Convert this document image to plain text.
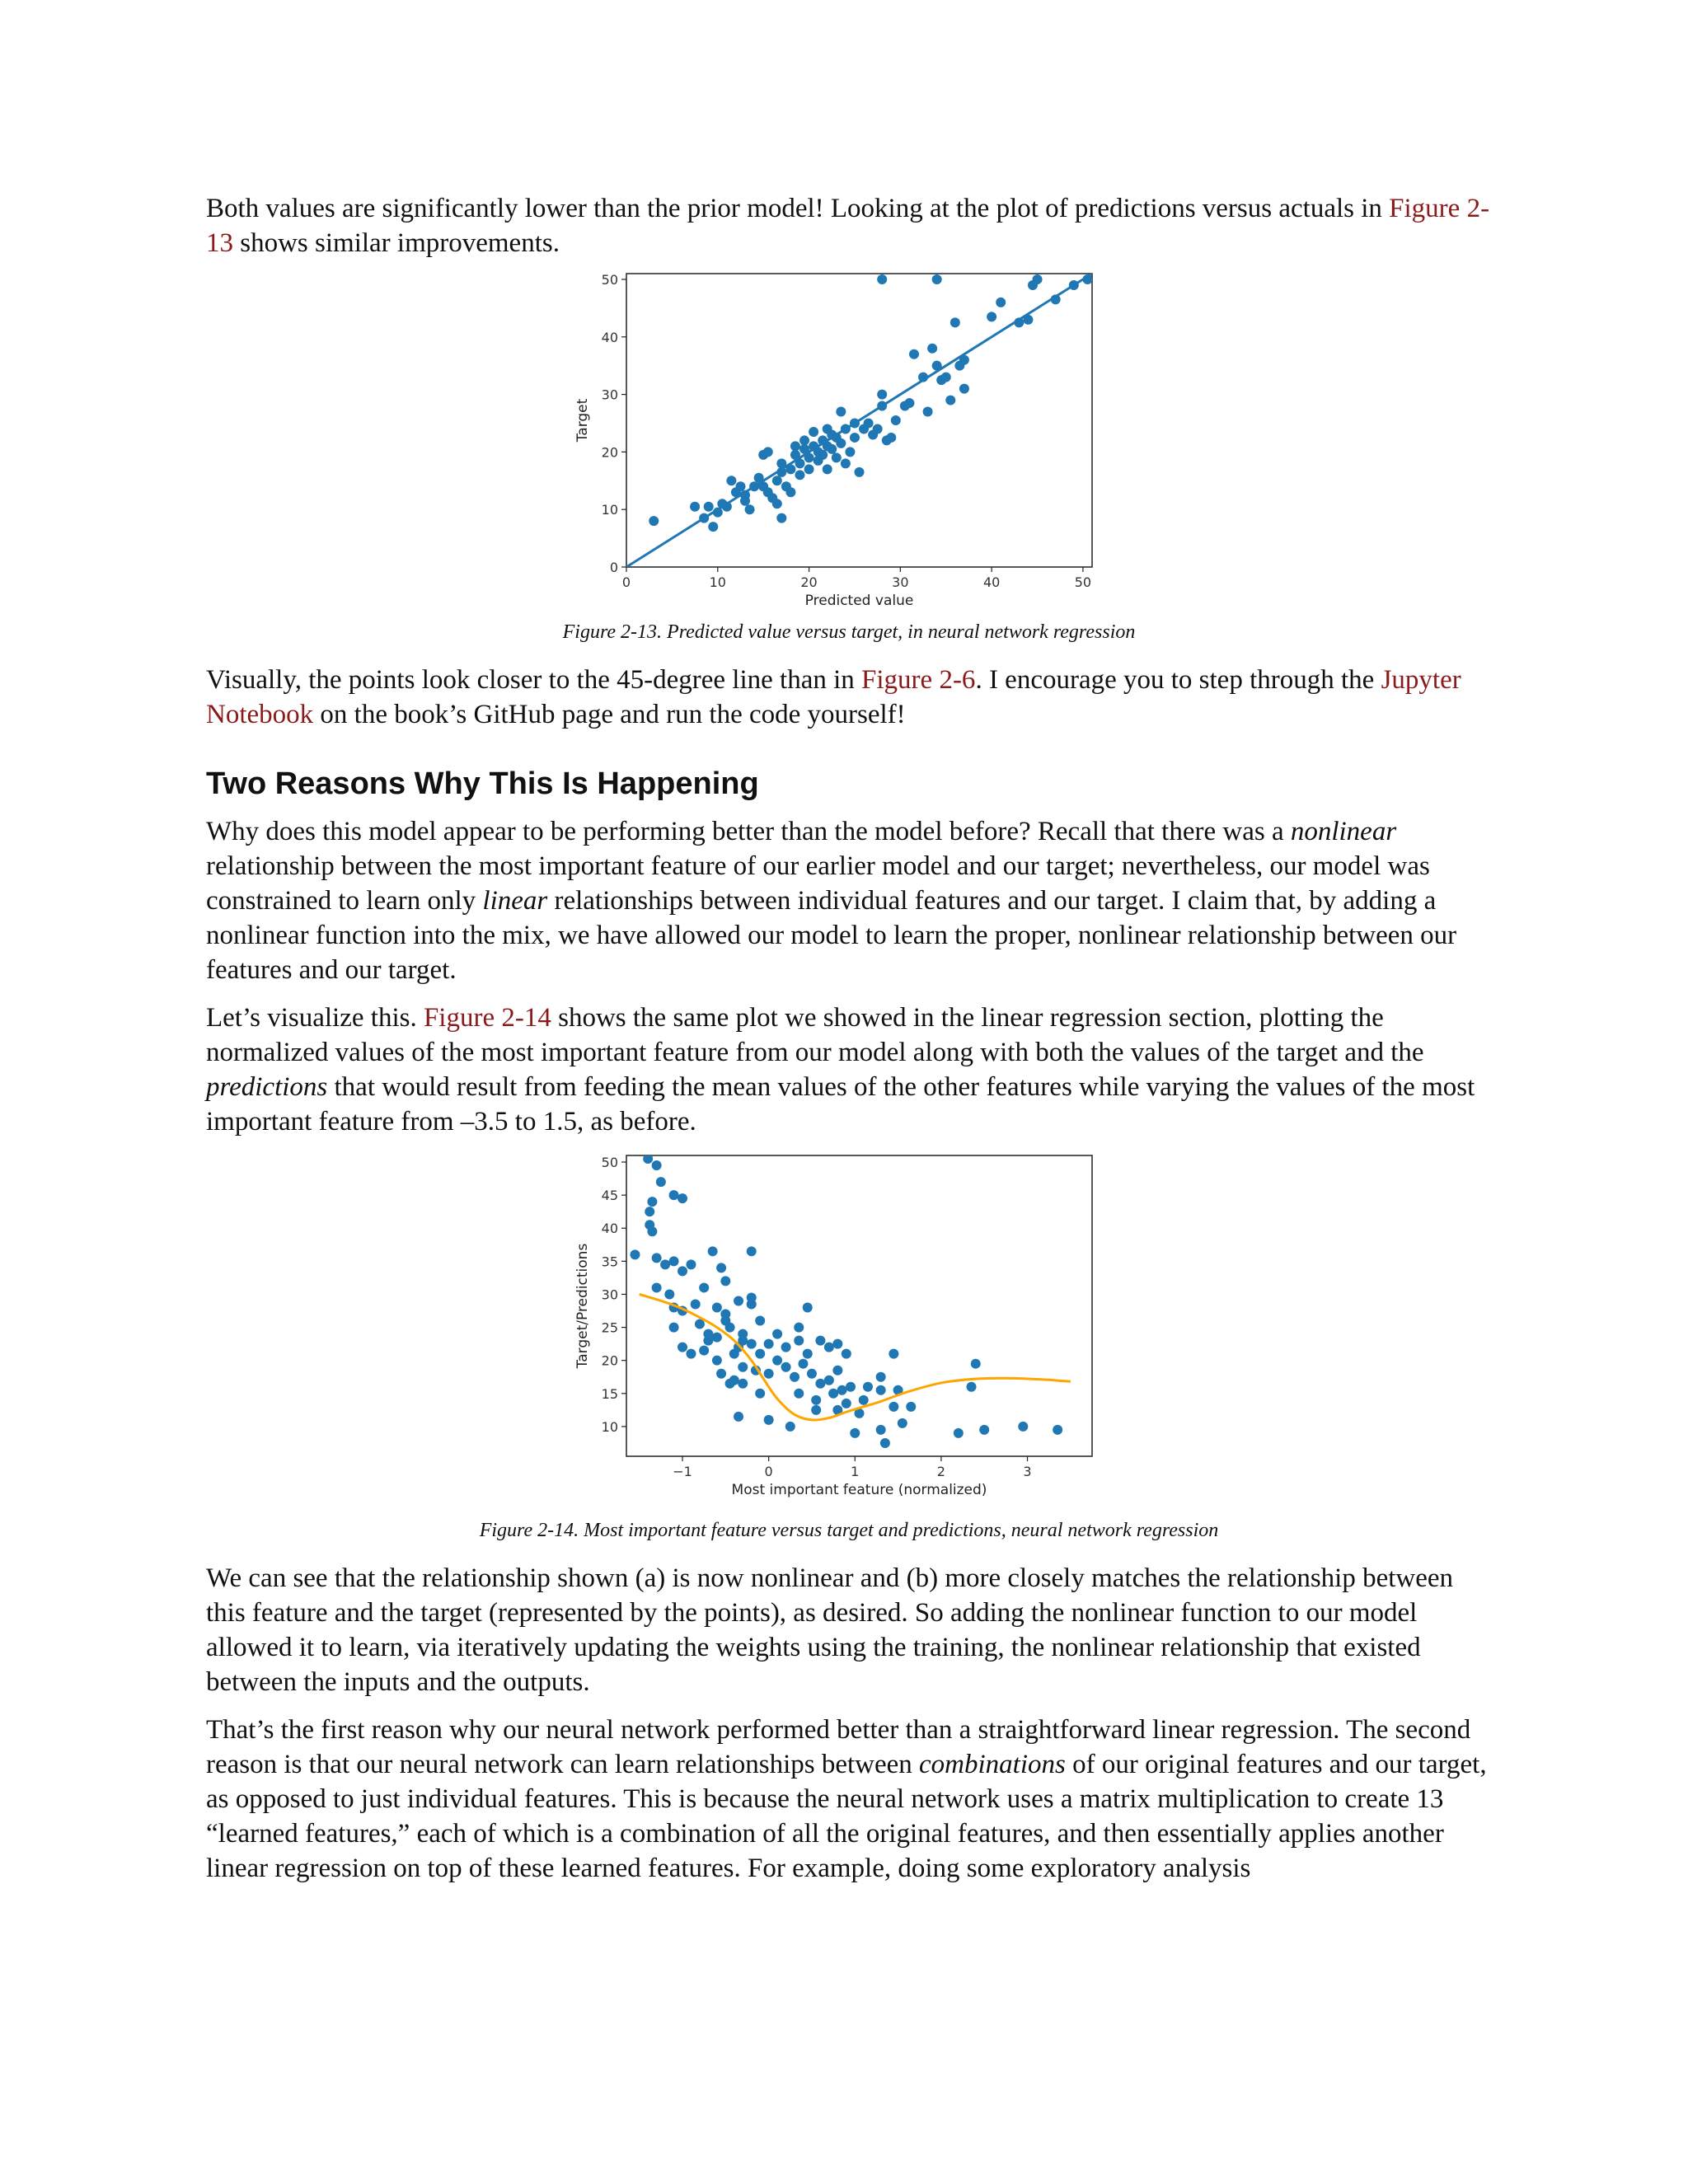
Both values are significantly lower than the prior model! Looking at the plot of predictions versus actuals in Figure 2-13 shows similar improvements.

0	10	20	30	40	50
0
10
20
30
40
50
Predicted value
Target
Figure 2-13. Predicted value versus target, in neural network regression

Visually, the points look closer to the 45-degree line than in Figure 2-6. I encourage you to step through the Jupyter Notebook on the book’s GitHub page and run the code yourself!

Two Reasons Why This Is Happening

Why does this model appear to be performing better than the model before? Recall that there was a nonlinear relationship between the most important feature of our earlier model and our target; nevertheless, our model was constrained to learn only linear relationships between individual features and our target. I claim that, by adding a nonlinear function into the mix, we have allowed our model to learn the proper, nonlinear relationship between our features and our target.

Let’s visualize this. Figure 2-14 shows the same plot we showed in the linear regression section, plotting the normalized values of the most important feature from our model along with both the values of the target and the predictions that would result from feeding the mean values of the other features while varying the values of the most important feature from –3.5 to 1.5, as before.

−1	0	1	2	3
10
15
20
25
30
35
40
45
50
Most important feature (normalized)
Target/Predictions
Figure 2-14. Most important feature versus target and predictions, neural network regression

We can see that the relationship shown (a) is now nonlinear and (b) more closely matches the relationship between this feature and the target (represented by the points), as desired. So adding the nonlinear function to our model allowed it to learn, via iteratively updating the weights using the training, the nonlinear relationship that existed between the inputs and the outputs.

That’s the first reason why our neural network performed better than a straightforward linear regression. The second reason is that our neural network can learn relationships between combinations of our original features and our target, as opposed to just individual features. This is because the neural network uses a matrix multiplication to create 13 “learned features,” each of which is a combination of all the original features, and then essentially applies another linear regression on top of these learned features. For example, doing some exploratory analysis
